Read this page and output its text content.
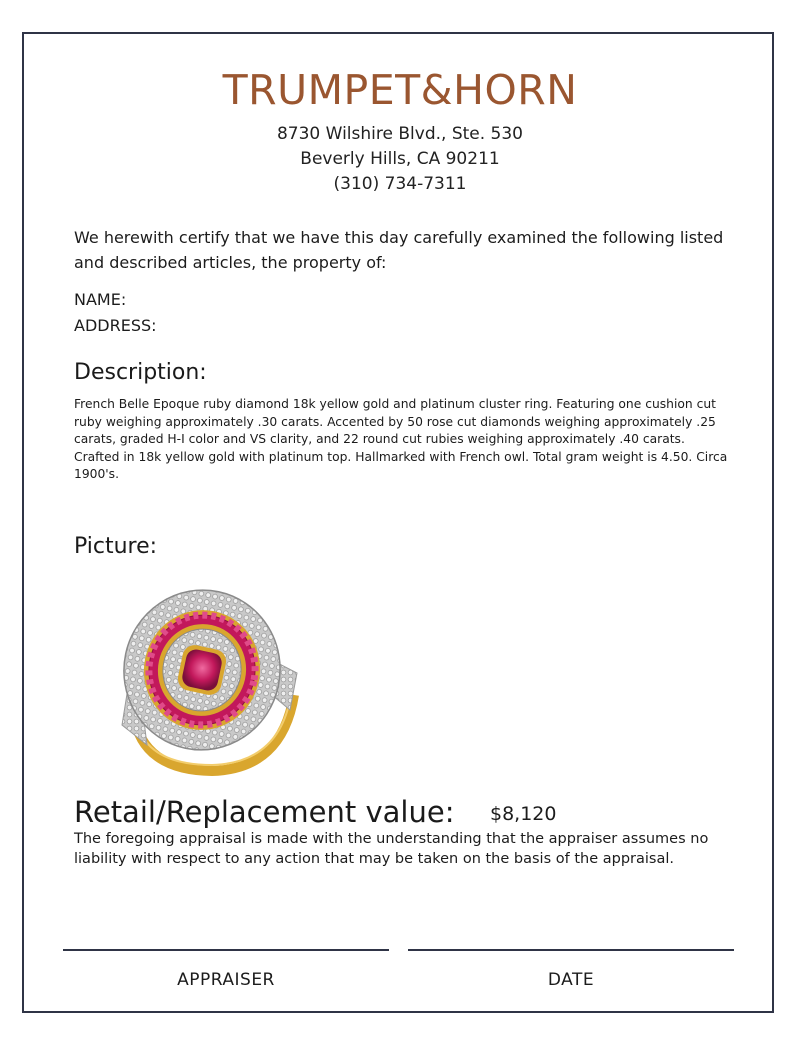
TRUMPET&HORN
8730 Wilshire Blvd., Ste. 530
Beverly Hills, CA 90211
(310) 734-7311
We herewith certify that we have this day carefully examined the following listed and described articles, the property of:
NAME:
ADDRESS:
Description:
French Belle Epoque ruby diamond 18k yellow gold and platinum cluster ring. Featuring one cushion cut ruby weighing approximately .30 carats. Accented by 50 rose cut diamonds weighing approximately .25 carats, graded H-I color and VS clarity, and 22 round cut rubies weighing approximately .40 carats. Crafted in 18k yellow gold with platinum top. Hallmarked with French owl. Total gram weight is 4.50. Circa 1900's.
Picture:
Retail/Replacement value: $8,120
The foregoing appraisal is made with the understanding that the appraiser assumes no liability with respect to any action that may be taken on the basis of the appraisal.
APPRAISER	DATE
